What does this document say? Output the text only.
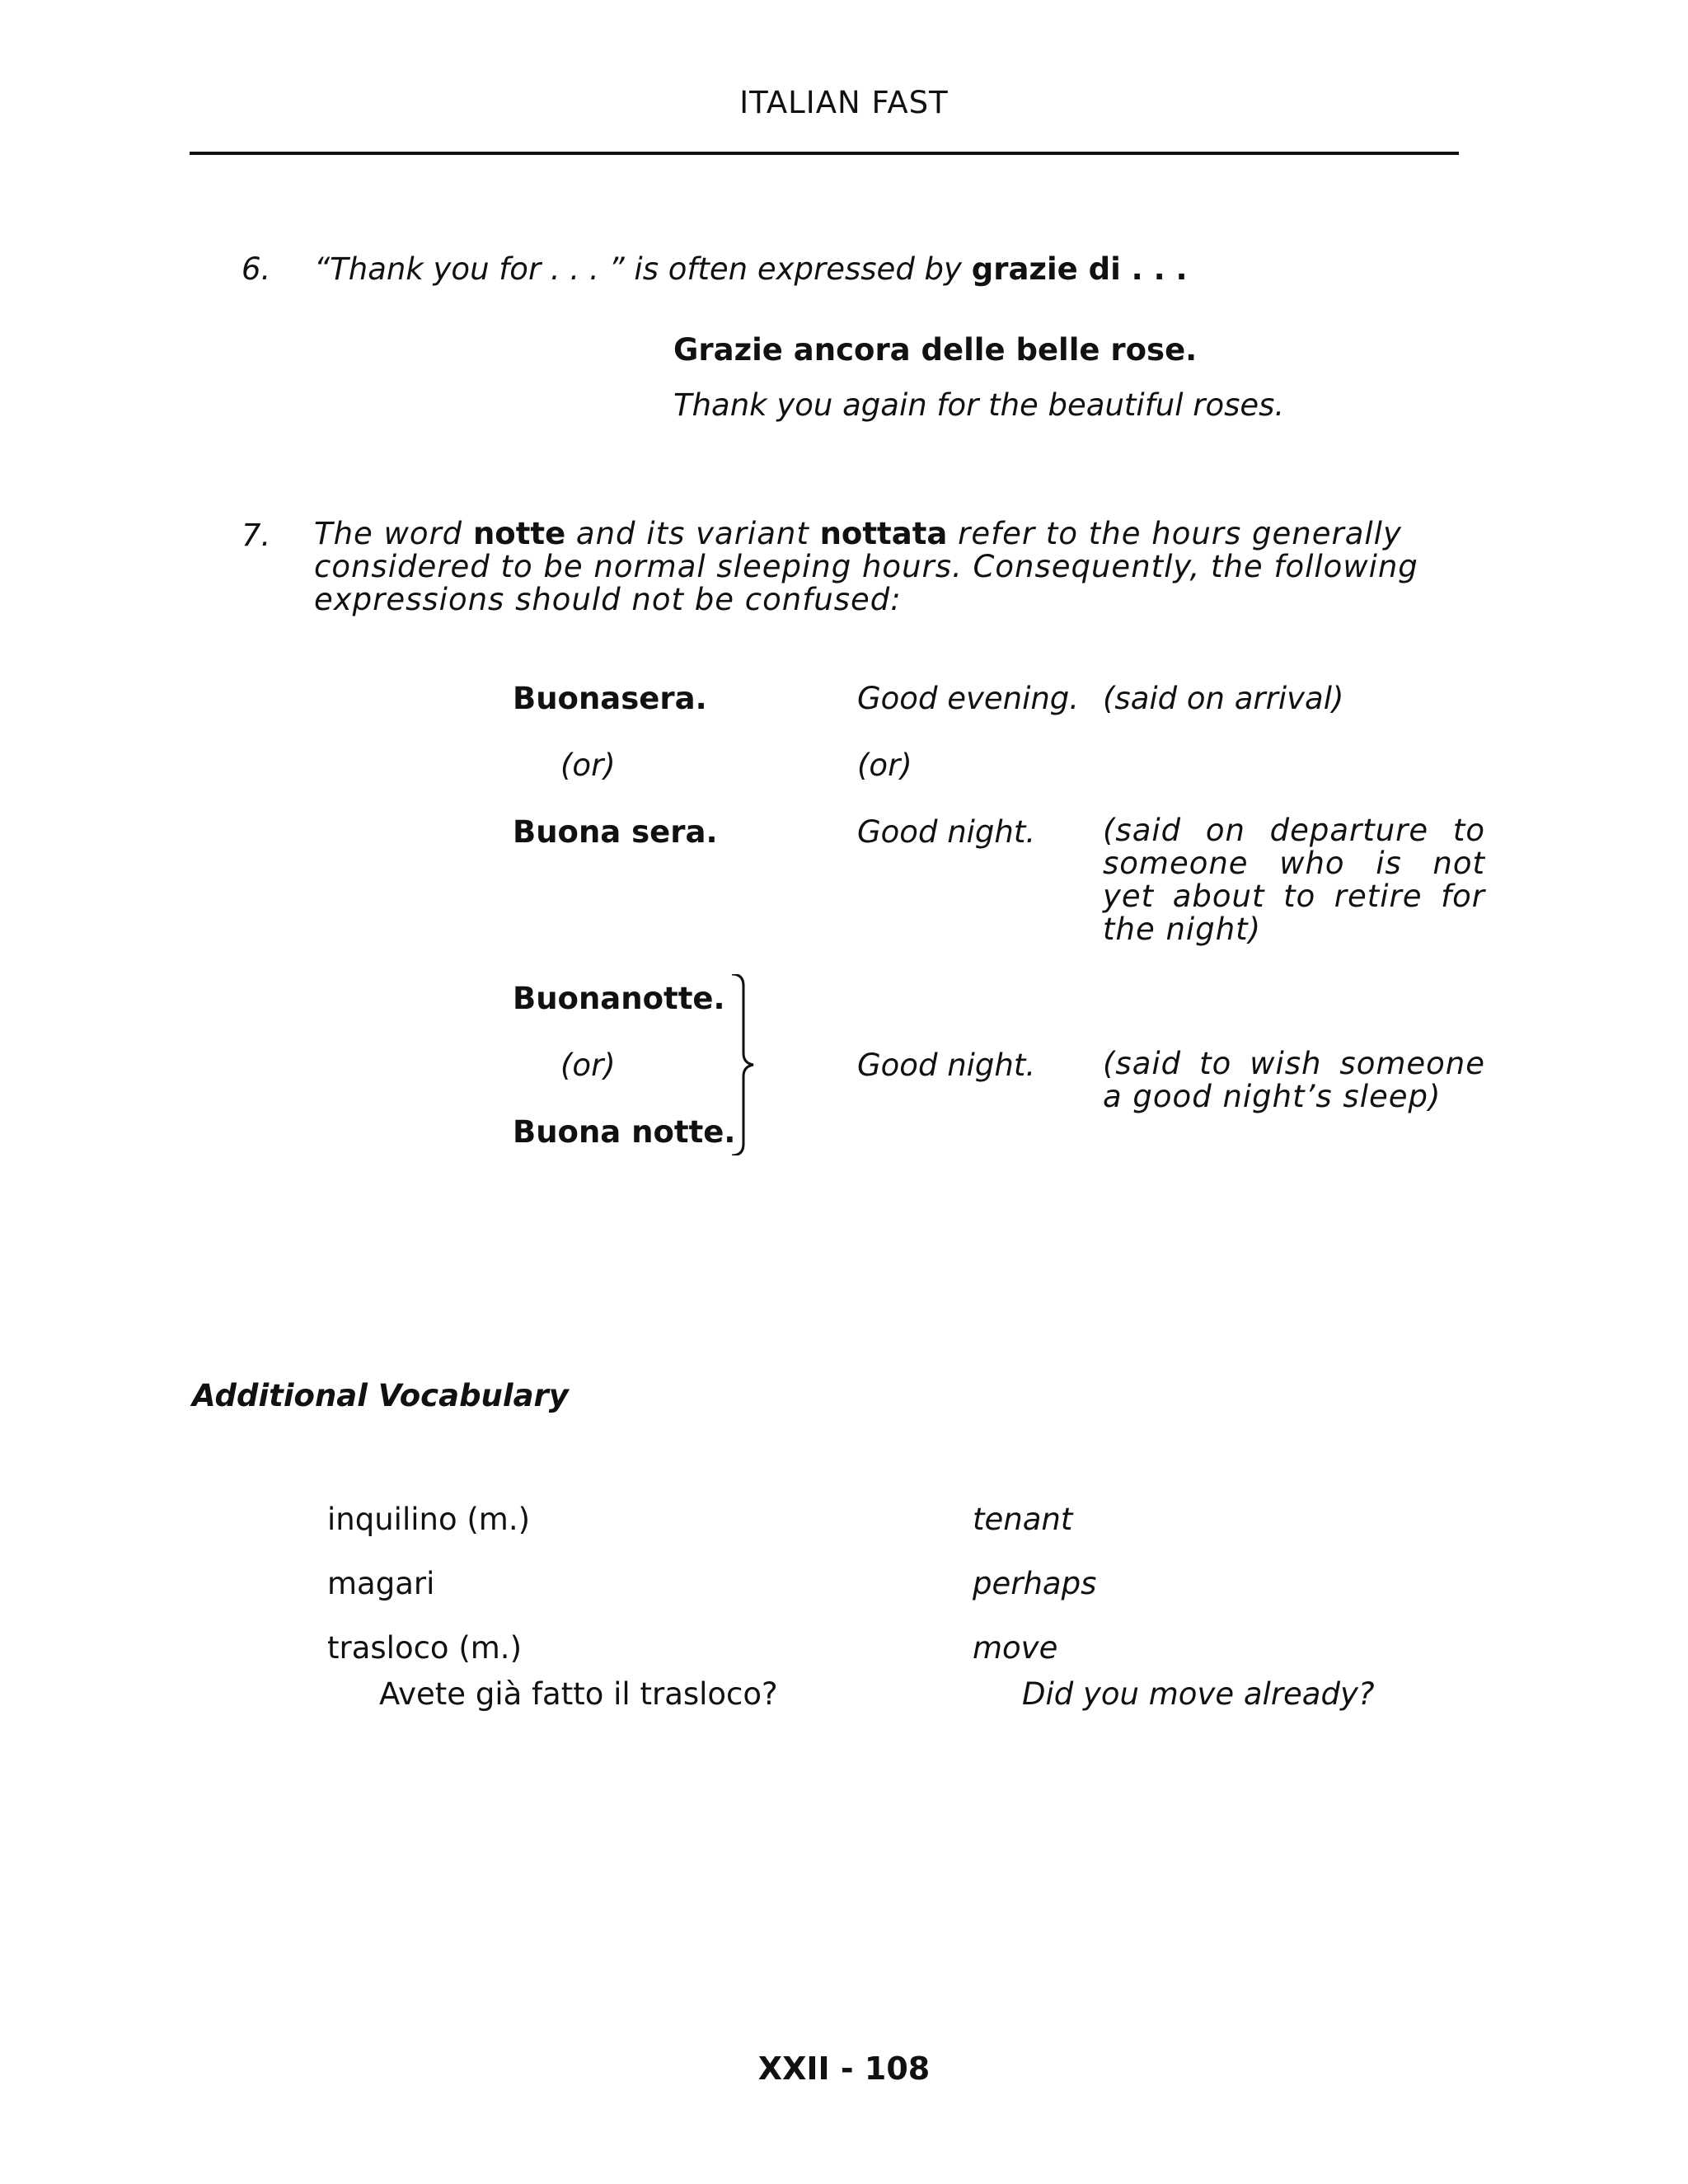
ITALIAN FAST
6. “Thank you for . . . ” is often expressed by grazie di . . .
Grazie ancora delle belle rose.
Thank you again for the beautiful roses.
7. The word notte and its variant nottata refer to the hours generally
considered to be normal sleeping hours. Consequently, the following
expressions should not be confused:
Buonasera.	Good evening. (said on arrival)
(or)	(or)
Buona sera.	Good night. (said on departure to someone who is not yet about to retire for the night)
Buonanotte.
(or)
Buona notte.
Good night. (said to wish someone a good night’s sleep)
Additional Vocabulary
inquilino (m.)	tenant
magari	perhaps
trasloco (m.)	move
Avete già fatto il trasloco?	Did you move already?
XXII - 108
